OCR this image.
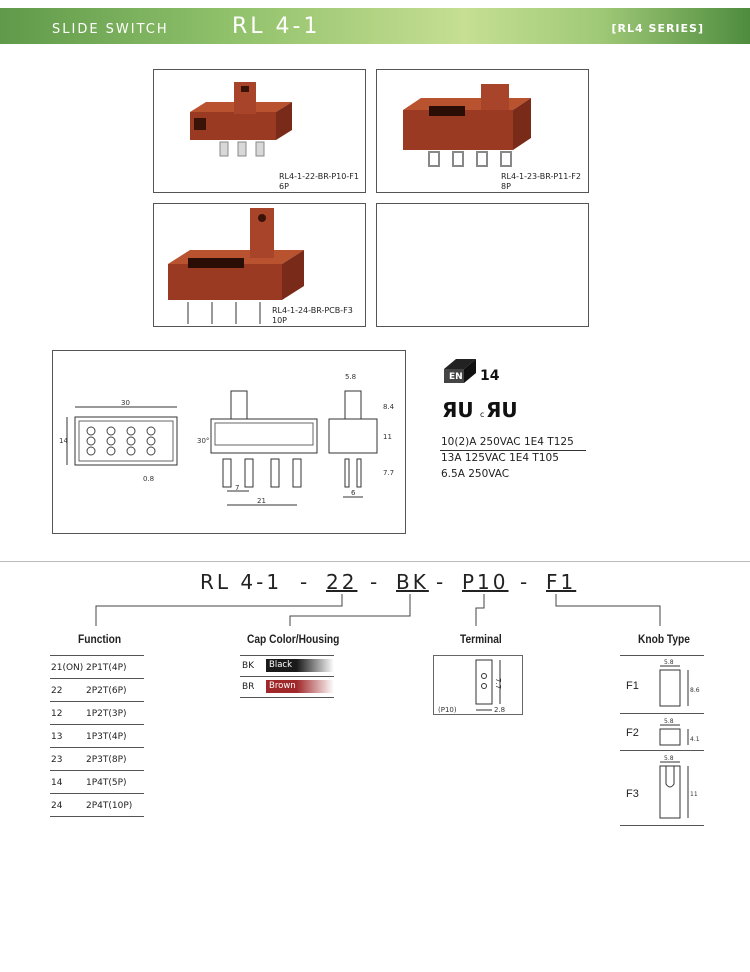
SLIDE SWITCH	RL 4-1	[RL4 SERIES]
RL4-1-22-BR-P10-F1
6P
RL4-1-23-BR-P11-F2
8P
RL4-1-24-BR-PCB-F3
10P
30
14	30°
0.8
7
21
5.8
8.4
11
7.7
6
EN 14
ЯU c ЯU
10(2)A 250VAC 1E4 T125
13A 125VAC 1E4 T105
6.5A 250VAC
RL 4-1 - 22 - BK - P10 - F1
Function
21(ON) 2P1T(4P)
22	2P2T(6P)
12	1P2T(3P)
13	1P3T(4P)
23	2P3T(8P)
14	1P4T(5P)
24	2P4T(10P)
Cap Color/Housing
BK	Black
BR	Brown
Terminal
7.7
2.8
(P10)
Knob Type
F1
5.8
8.6
F2
5.8
4.1
F3
5.8
11
